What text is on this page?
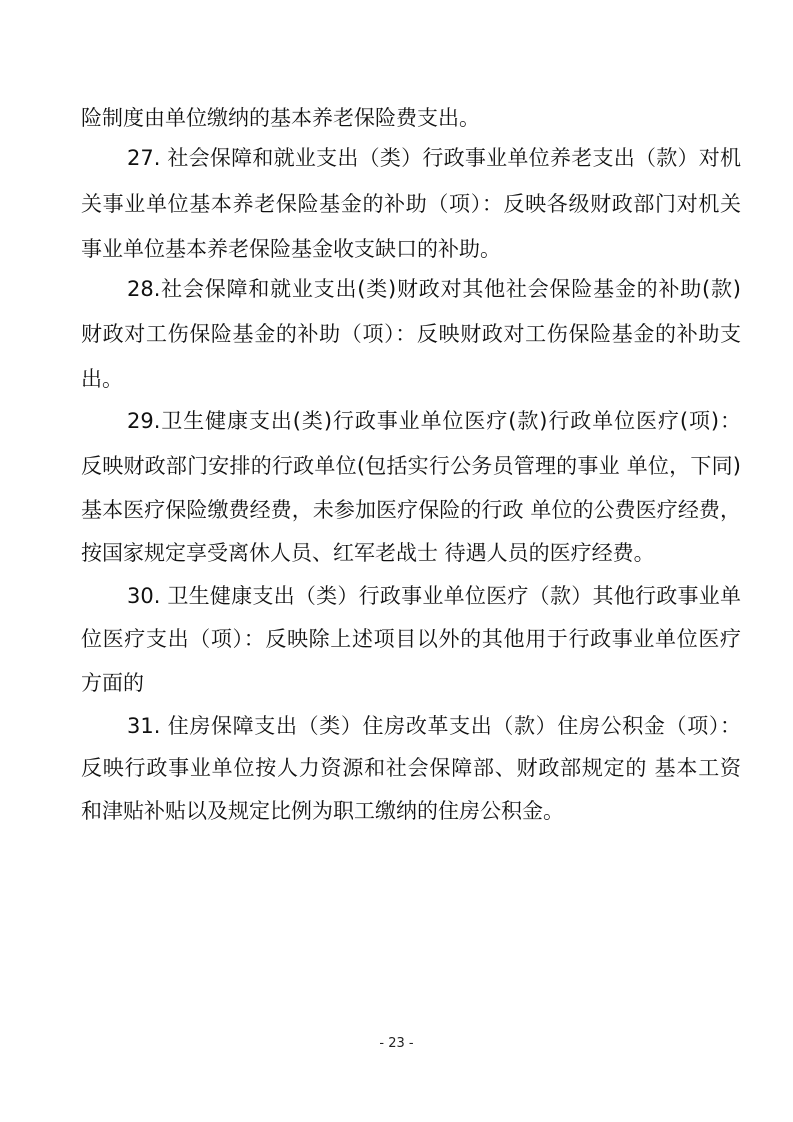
险制度由单位缴纳的基本养老保险费支出。

27. 社会保障和就业支出（类）行政事业单位养老支出（款）对机

关事业单位基本养老保险基金的补助（项）：反映各级财政部门对机关

事业单位基本养老保险基金收支缺口的补助。

28.社会保障和就业支出(类)财政对其他社会保险基金的补助(款)

财政对工伤保险基金的补助（项）：反映财政对工伤保险基金的补助支

出。

29.卫生健康支出(类)行政事业单位医疗(款)行政单位医疗(项)：

反映财政部门安排的行政单位(包括实行公务员管理的事业 单位，下同)

基本医疗保险缴费经费，未参加医疗保险的行政 单位的公费医疗经费，

按国家规定享受离休人员、红军老战士 待遇人员的医疗经费。

30. 卫生健康支出（类）行政事业单位医疗（款）其他行政事业单

位医疗支出（项）：反映除上述项目以外的其他用于行政事业单位医疗

方面的

31. 住房保障支出（类）住房改革支出（款）住房公积金（项）：

反映行政事业单位按人力资源和社会保障部、财政部规定的 基本工资

和津贴补贴以及规定比例为职工缴纳的住房公积金。

- 23 -
